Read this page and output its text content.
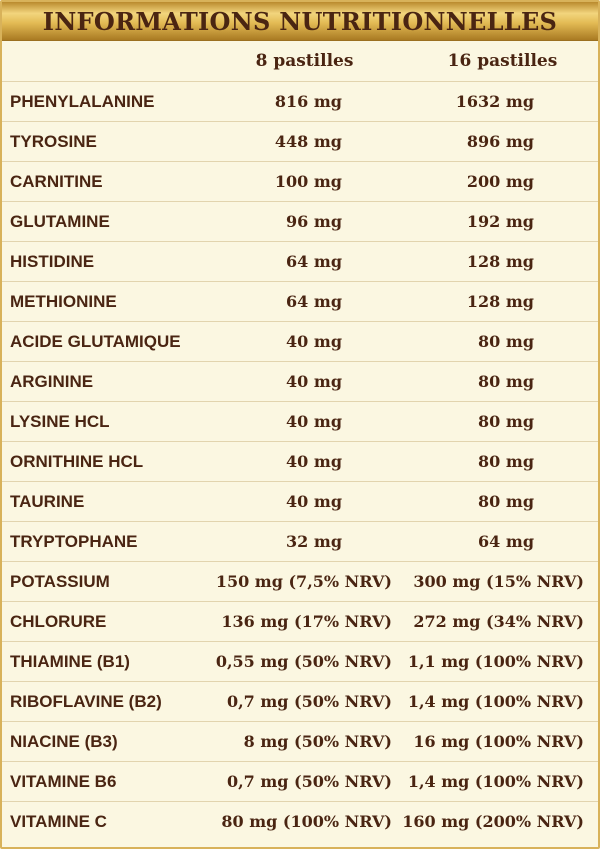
INFORMATIONS NUTRITIONNELLES
8 pastilles	16 pastilles
PHENYLALANINE	816 mg	1632 mg
TYROSINE	448 mg	896 mg
CARNITINE	100 mg	200 mg
GLUTAMINE	96 mg	192 mg
HISTIDINE	64 mg	128 mg
METHIONINE	64 mg	128 mg
ACIDE GLUTAMIQUE	40 mg	80 mg
ARGININE	40 mg	80 mg
LYSINE HCL	40 mg	80 mg
ORNITHINE HCL	40 mg	80 mg
TAURINE	40 mg	80 mg
TRYPTOPHANE	32 mg	64 mg
POTASSIUM	150 mg (7,5% NRV)	300 mg (15% NRV)
CHLORURE	136 mg (17% NRV)	272 mg (34% NRV)
THIAMINE (B1)	0,55 mg (50% NRV) 1,1 mg (100% NRV)
RIBOFLAVINE (B2)	0,7 mg (50% NRV) 1,4 mg (100% NRV)
NIACINE (B3)	8 mg (50% NRV)	16 mg (100% NRV)
VITAMINE B6	0,7 mg (50% NRV) 1,4 mg (100% NRV)
VITAMINE C	80 mg (100% NRV) 160 mg (200% NRV)
